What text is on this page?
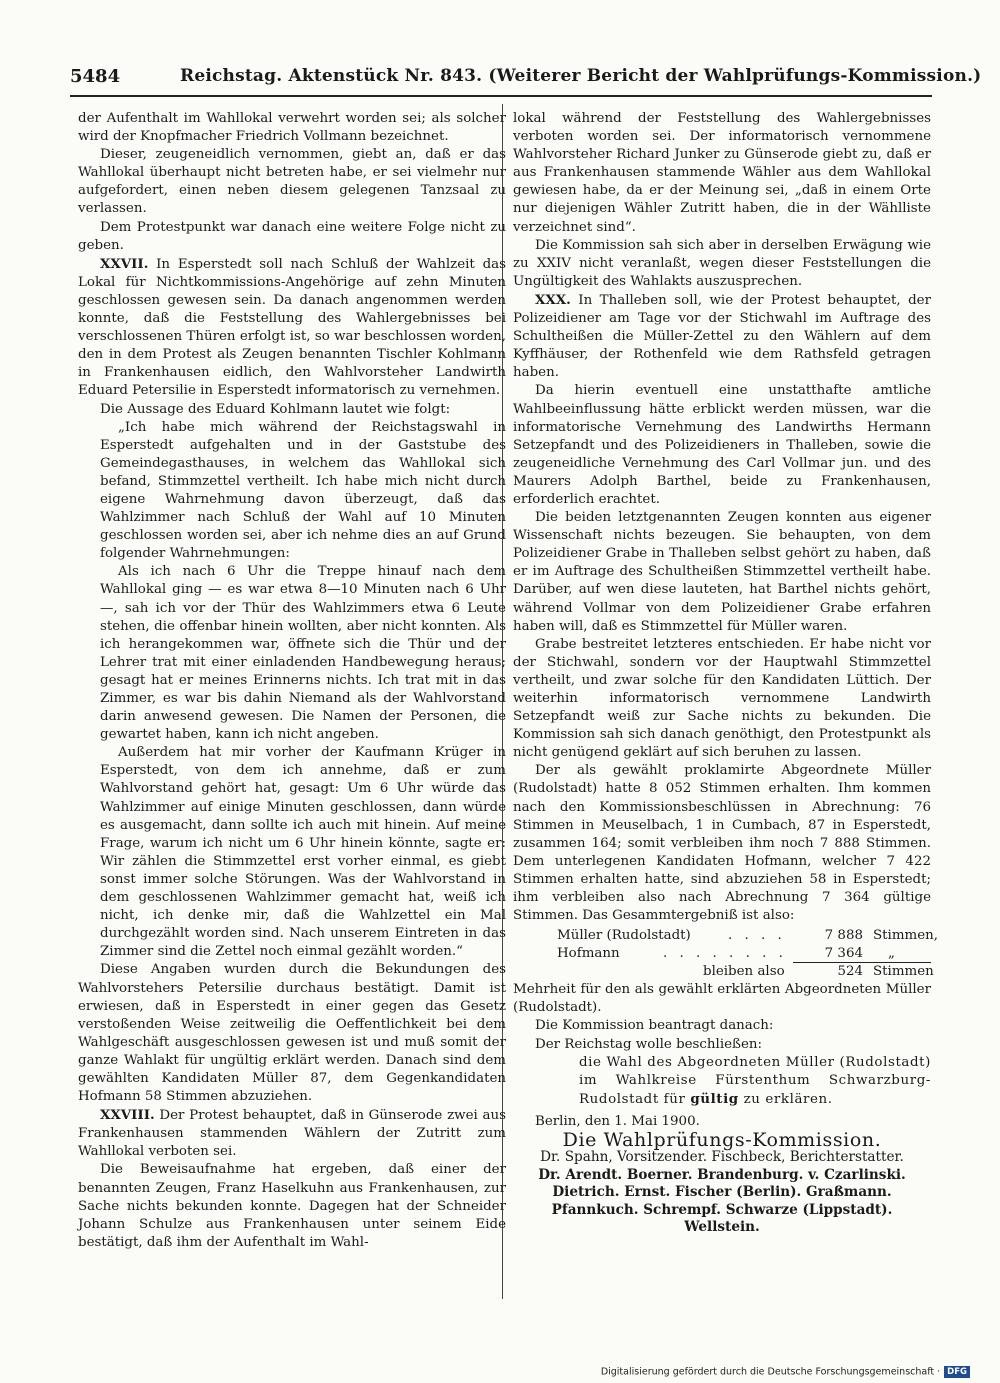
5484	Reichstag. Aktenstück Nr. 843. (Weiterer Bericht der Wahlprüfungs-Kommission.)

der Aufenthalt im Wahllokal verwehrt worden sei; als solcher wird der Knopfmacher Friedrich Vollmann bezeichnet.

Dieser, zeugeneidlich vernommen, giebt an, daß er das Wahllokal überhaupt nicht betreten habe, er sei vielmehr nur aufgefordert, einen neben diesem gelegenen Tanzsaal zu verlassen.

Dem Protestpunkt war danach eine weitere Folge nicht zu geben.

XXVII. In Esperstedt soll nach Schluß der Wahlzeit das Lokal für Nichtkommissions-Angehörige auf zehn Minuten geschlossen gewesen sein. Da danach angenommen werden konnte, daß die Feststellung des Wahlergebnisses bei verschlossenen Thüren erfolgt ist, so war beschlossen worden, den in dem Protest als Zeugen benannten Tischler Kohlmann in Frankenhausen eidlich, den Wahlvorsteher Landwirth Eduard Petersilie in Esperstedt informatorisch zu vernehmen.

Die Aussage des Eduard Kohlmann lautet wie folgt:

„Ich habe mich während der Reichstagswahl in Esperstedt aufgehalten und in der Gaststube des Gemeindegasthauses, in welchem das Wahllokal sich befand, Stimmzettel vertheilt. Ich habe mich nicht durch eigene Wahrnehmung davon überzeugt, daß das Wahlzimmer nach Schluß der Wahl auf 10 Minuten geschlossen worden sei, aber ich nehme dies an auf Grund folgender Wahrnehmungen:

Als ich nach 6 Uhr die Treppe hinauf nach dem Wahllokal ging — es war etwa 8—10 Minuten nach 6 Uhr —, sah ich vor der Thür des Wahlzimmers etwa 6 Leute stehen, die offenbar hinein wollten, aber nicht konnten. Als ich herangekommen war, öffnete sich die Thür und der Lehrer trat mit einer einladenden Handbewegung heraus; gesagt hat er meines Erinnerns nichts. Ich trat mit in das Zimmer, es war bis dahin Niemand als der Wahlvorstand darin anwesend gewesen. Die Namen der Personen, die gewartet haben, kann ich nicht angeben.

Außerdem hat mir vorher der Kaufmann Krüger in Esperstedt, von dem ich annehme, daß er zum Wahlvorstand gehört hat, gesagt: Um 6 Uhr würde das Wahlzimmer auf einige Minuten geschlossen, dann würde es ausgemacht, dann sollte ich auch mit hinein. Auf meine Frage, warum ich nicht um 6 Uhr hinein könnte, sagte er: Wir zählen die Stimmzettel erst vorher einmal, es giebt sonst immer solche Störungen. Was der Wahlvorstand in dem geschlossenen Wahlzimmer gemacht hat, weiß ich nicht, ich denke mir, daß die Wahlzettel ein Mal durchgezählt worden sind. Nach unserem Eintreten in das Zimmer sind die Zettel noch einmal gezählt worden.“

Diese Angaben wurden durch die Bekundungen des Wahlvorstehers Petersilie durchaus bestätigt. Damit ist erwiesen, daß in Esperstedt in einer gegen das Gesetz verstoßenden Weise zeitweilig die Oeffentlichkeit bei dem Wahlgeschäft ausgeschlossen gewesen ist und muß somit der ganze Wahlakt für ungültig erklärt werden. Danach sind dem gewählten Kandidaten Müller 87, dem Gegenkandidaten Hofmann 58 Stimmen abzuziehen.

XXVIII. Der Protest behauptet, daß in Günserode zwei aus Frankenhausen stammenden Wählern der Zutritt zum Wahllokal verboten sei.

Die Beweisaufnahme hat ergeben, daß einer der benannten Zeugen, Franz Haselkuhn aus Frankenhausen, zur Sache nichts bekunden konnte. Dagegen hat der Schneider Johann Schulze aus Frankenhausen unter seinem Eide bestätigt, daß ihm der Aufenthalt im Wahl-

lokal während der Feststellung des Wahlergebnisses verboten worden sei. Der informatorisch vernommene Wahlvorsteher Richard Junker zu Günserode giebt zu, daß er aus Frankenhausen stammende Wähler aus dem Wahllokal gewiesen habe, da er der Meinung sei, „daß in einem Orte nur diejenigen Wähler Zutritt haben, die in der Wählliste verzeichnet sind“.

Die Kommission sah sich aber in derselben Erwägung wie zu XXIV nicht veranlaßt, wegen dieser Feststellungen die Ungültigkeit des Wahlakts auszusprechen.

XXX. In Thalleben soll, wie der Protest behauptet, der Polizeidiener am Tage vor der Stichwahl im Auftrage des Schultheißen die Müller-Zettel zu den Wählern auf dem Kyffhäuser, der Rothenfeld wie dem Rathsfeld getragen haben.

Da hierin eventuell eine unstatthafte amtliche Wahlbeeinflussung hätte erblickt werden müssen, war die informatorische Vernehmung des Landwirths Hermann Setzepfandt und des Polizeidieners in Thalleben, sowie die zeugeneidliche Vernehmung des Carl Vollmar jun. und des Maurers Adolph Barthel, beide zu Frankenhausen, erforderlich erachtet.

Die beiden letztgenannten Zeugen konnten aus eigener Wissenschaft nichts bezeugen. Sie behaupten, von dem Polizeidiener Grabe in Thalleben selbst gehört zu haben, daß er im Auftrage des Schultheißen Stimmzettel vertheilt habe. Darüber, auf wen diese lauteten, hat Barthel nichts gehört, während Vollmar von dem Polizeidiener Grabe erfahren haben will, daß es Stimmzettel für Müller waren.

Grabe bestreitet letzteres entschieden. Er habe nicht vor der Stichwahl, sondern vor der Hauptwahl Stimmzettel vertheilt, und zwar solche für den Kandidaten Lüttich. Der weiterhin informatorisch vernommene Landwirth Setzepfandt weiß zur Sache nichts zu bekunden. Die Kommission sah sich danach genöthigt, den Protestpunkt als nicht genügend geklärt auf sich beruhen zu lassen.

Der als gewählt proklamirte Abgeordnete Müller (Rudolstadt) hatte 8 052 Stimmen erhalten. Ihm kommen nach den Kommissionsbeschlüssen in Abrechnung: 76 Stimmen in Meuselbach, 1 in Cumbach, 87 in Esperstedt, zusammen 164; somit verbleiben ihm noch 7 888 Stimmen. Dem unterlegenen Kandidaten Hofmann, welcher 7 422 Stimmen erhalten hatte, sind abzuziehen 58 in Esperstedt; ihm verbleiben also nach Abrechnung 7 364 gültige Stimmen. Das Gesammtergebniß ist also:

Müller (Rudolstadt)	. . . .	7 888 Stimmen,
Hofmann	. . . . . . . .	7 364 „
bleiben also	524 Stimmen

Mehrheit für den als gewählt erklärten Abgeordneten Müller (Rudolstadt).

Die Kommission beantragt danach:

Der Reichstag wolle beschließen:

die Wahl des Abgeordneten Müller (Rudolstadt) im Wahlkreise Fürstenthum Schwarzburg-Rudolstadt für gültig zu erklären.

Berlin, den 1. Mai 1900.

Die Wahlprüfungs-Kommission.

Dr. Spahn, Vorsitzender. Fischbeck, Berichterstatter.
Dr. Arendt. Boerner. Brandenburg. v. Czarlinski.
Dietrich. Ernst. Fischer (Berlin). Graßmann.
Pfannkuch. Schrempf. Schwarze (Lippstadt).
Wellstein.

Digitalisierung gefördert durch die Deutsche Forschungsgemeinschaft · DFG
